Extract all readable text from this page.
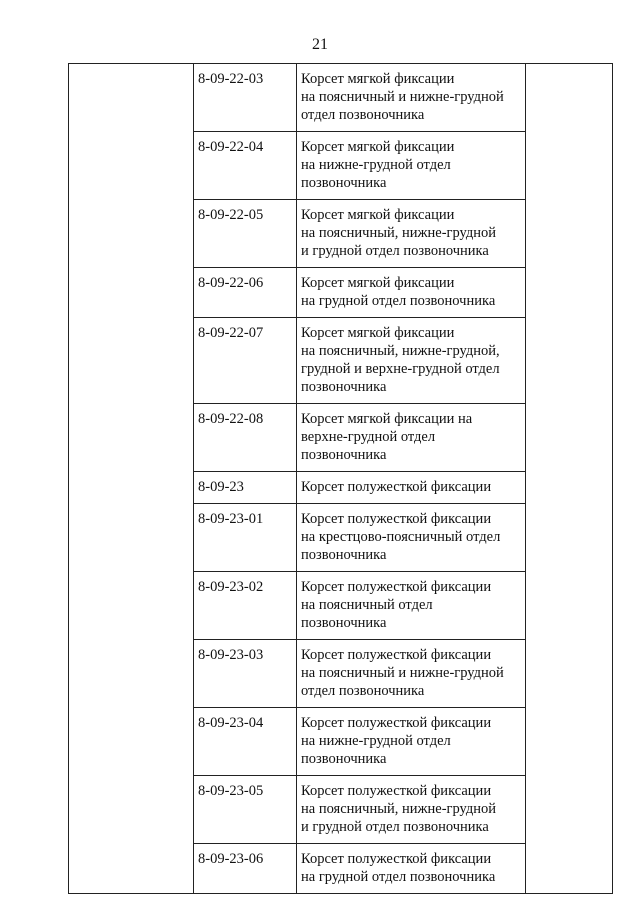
21
	8-09-22-03	Корсет мягкой фиксации
на поясничный и нижне-грудной
отдел позвоночника	

	8-09-22-04	Корсет мягкой фиксации
на нижне-грудной отдел
позвоночника	

	8-09-22-05	Корсет мягкой фиксации
на поясничный, нижне-грудной
и грудной отдел позвоночника	

	8-09-22-06	Корсет мягкой фиксации
на грудной отдел позвоночника	

	8-09-22-07	Корсет мягкой фиксации
на поясничный, нижне-грудной,
грудной и верхне-грудной отдел
позвоночника	

	8-09-22-08	Корсет мягкой фиксации на
верхне-грудной отдел
позвоночника	

	8-09-23	Корсет полужесткой фиксации	

	8-09-23-01	Корсет полужесткой фиксации
на крестцово-поясничный отдел
позвоночника	

	8-09-23-02	Корсет полужесткой фиксации
на поясничный отдел
позвоночника	

	8-09-23-03	Корсет полужесткой фиксации
на поясничный и нижне-грудной
отдел позвоночника	

	8-09-23-04	Корсет полужесткой фиксации
на нижне-грудной отдел
позвоночника	

	8-09-23-05	Корсет полужесткой фиксации
на поясничный, нижне-грудной
и грудной отдел позвоночника	

	8-09-23-06	Корсет полужесткой фиксации
на грудной отдел позвоночника	
